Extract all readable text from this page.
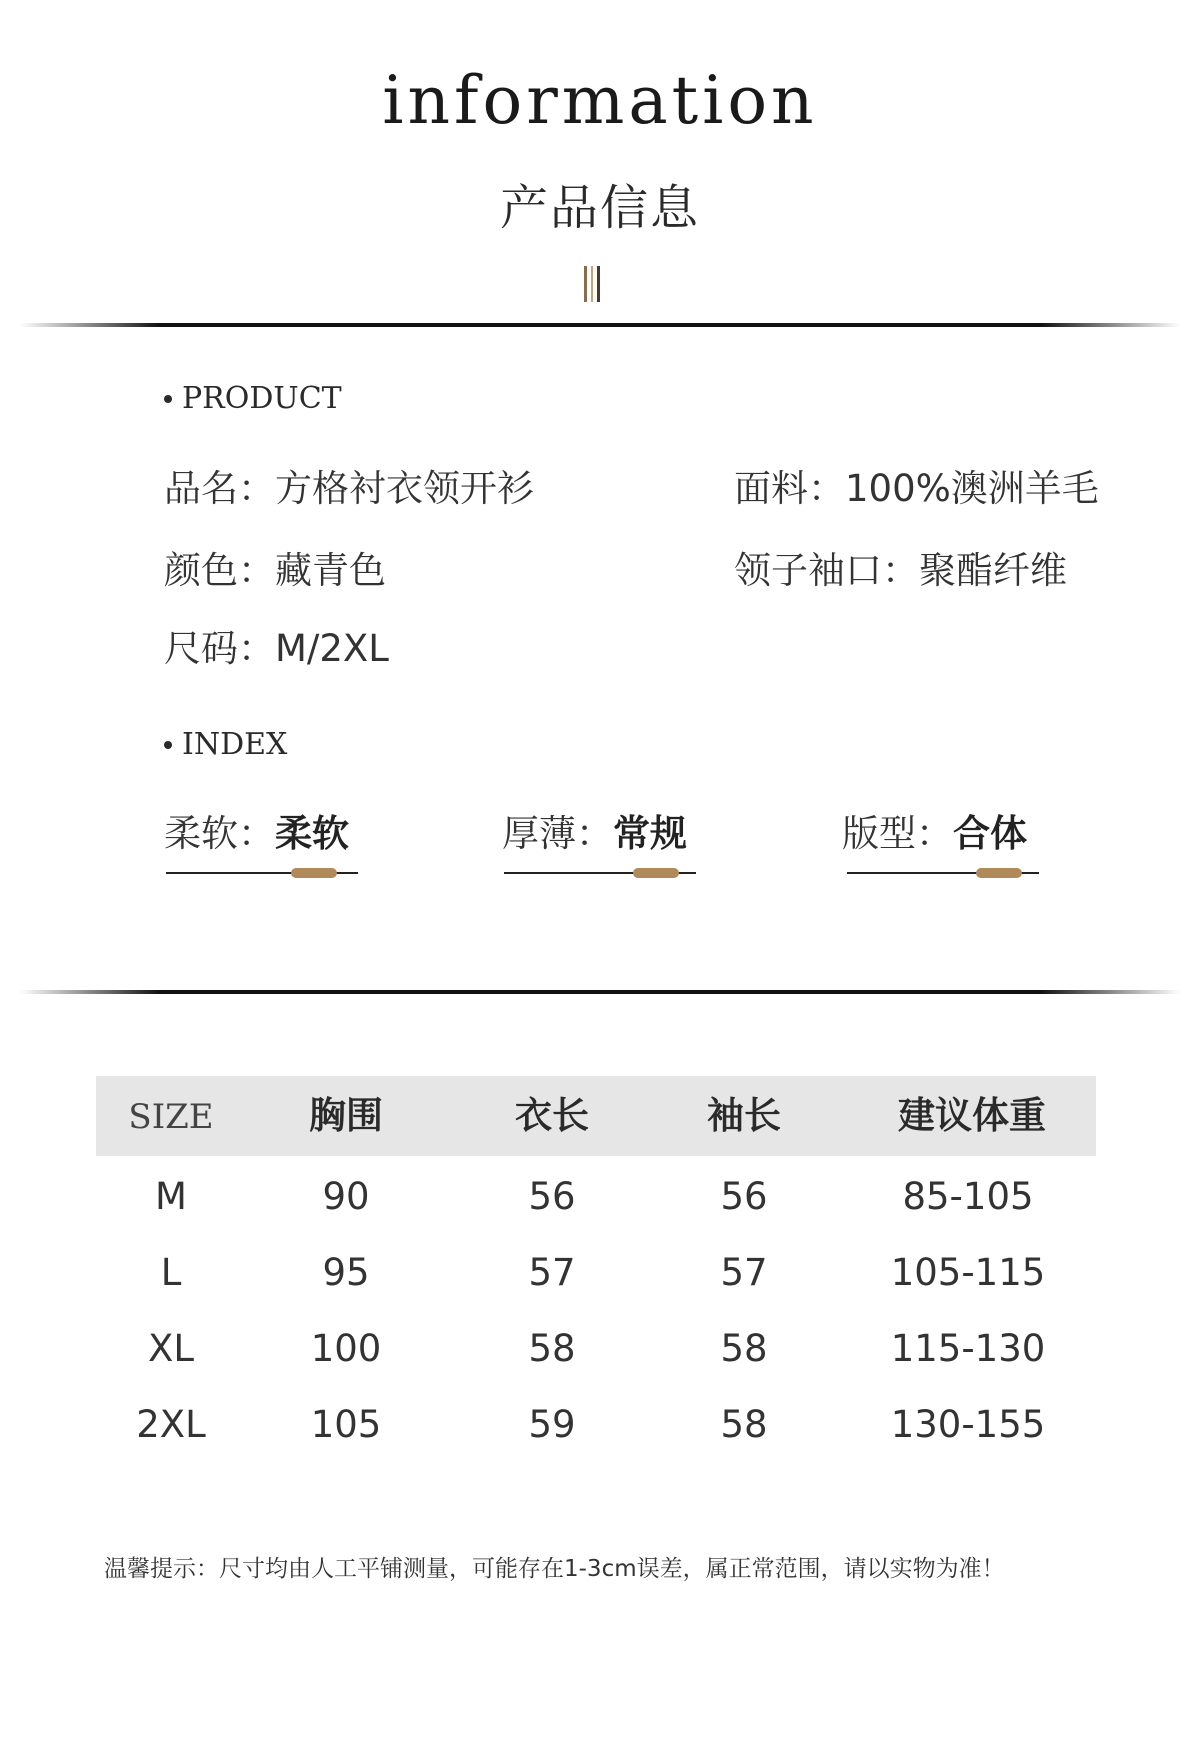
information
产品信息
PRODUCT
品名：方格衬衣领开衫	面料：100%澳洲羊毛
颜色：藏青色	领子袖口：聚酯纤维
尺码：M/2XL
INDEX
柔软：柔软	厚薄：常规	版型：合体
SIZE	胸围	衣长	袖长	建议体重
M	90	56	56	85-105
L	95	57	57	105-115
XL	100	58	58	115-130
2XL	105	59	58	130-155
温馨提示：尺寸均由人工平铺测量，可能存在1-3cm误差，属正常范围，请以实物为准！
